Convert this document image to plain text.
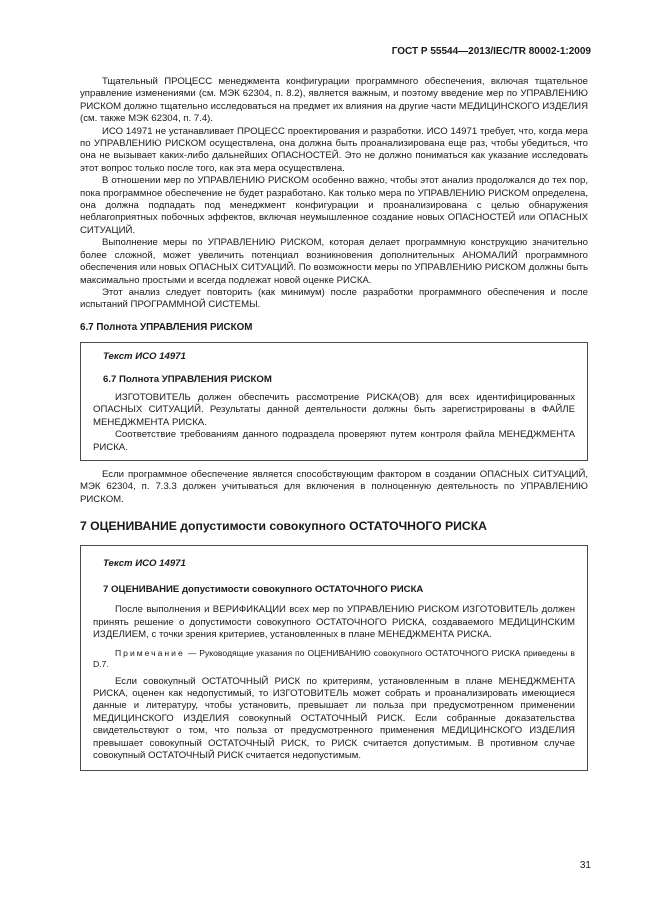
ГОСТ Р 55544—2013/IEC/TR 80002-1:2009

Тщательный ПРОЦЕСС менеджмента конфигурации программного обеспечения, включая тщательное управление изменениями (см. МЭК 62304, п. 8.2), является важным, и поэтому введение мер по УПРАВЛЕНИЮ РИСКОМ должно тщательно исследоваться на предмет их влияния на другие части МЕДИЦИНСКОГО ИЗДЕЛИЯ (см. также МЭК 62304, п. 7.4).

ИСО 14971 не устанавливает ПРОЦЕСС проектирования и разработки. ИСО 14971 требует, что, когда мера по УПРАВЛЕНИЮ РИСКОМ осуществлена, она должна быть проанализирована еще раз, чтобы убедиться, что она не вызывает каких-либо дальнейших ОПАСНОСТЕЙ. Это не должно пониматься как указание исследовать этот вопрос только после того, как эта мера осуществлена.

В отношении мер по УПРАВЛЕНИЮ РИСКОМ особенно важно, чтобы этот анализ продолжался до тех пор, пока программное обеспечение не будет разработано. Как только мера по УПРАВЛЕНИЮ РИСКОМ определена, она должна подпадать под менеджмент конфигурации и проанализирована с целью обнаружения неблагоприятных побочных эффектов, включая неумышленное создание новых ОПАСНОСТЕЙ или ОПАСНЫХ СИТУАЦИЙ.

Выполнение меры по УПРАВЛЕНИЮ РИСКОМ, которая делает программную конструкцию значительно более сложной, может увеличить потенциал возникновения дополнительных АНОМАЛИЙ программного обеспечения или новых ОПАСНЫХ СИТУАЦИЙ. По возможности меры по УПРАВЛЕНИЮ РИСКОМ должны быть максимально простыми и всегда подлежат новой оценке РИСКА.

Этот анализ следует повторить (как минимум) после разработки программного обеспечения и после испытаний ПРОГРАММНОЙ СИСТЕМЫ.

6.7 Полнота УПРАВЛЕНИЯ РИСКОМ

Текст ИСО 14971

6.7 Полнота УПРАВЛЕНИЯ РИСКОМ

ИЗГОТОВИТЕЛЬ должен обеспечить рассмотрение РИСКА(ОВ) для всех идентифицированных ОПАСНЫХ СИТУАЦИЙ. Результаты данной деятельности должны быть зарегистрированы в ФАЙЛЕ МЕНЕДЖМЕНТА РИСКА.

Соответствие требованиям данного подраздела проверяют путем контроля файла МЕНЕДЖМЕНТА РИСКА.

Если программное обеспечение является способствующим фактором в создании ОПАСНЫХ СИТУАЦИЙ, МЭК 62304, п. 7.3.3 должен учитываться для включения в полноценную деятельность по УПРАВЛЕНИЮ РИСКОМ.

7 ОЦЕНИВАНИЕ допустимости совокупного ОСТАТОЧНОГО РИСКА

Текст ИСО 14971

7 ОЦЕНИВАНИЕ допустимости совокупного ОСТАТОЧНОГО РИСКА

После выполнения и ВЕРИФИКАЦИИ всех мер по УПРАВЛЕНИЮ РИСКОМ ИЗГОТОВИТЕЛЬ должен принять решение о допустимости совокупного ОСТАТОЧНОГО РИСКА, создаваемого МЕДИЦИНСКИМ ИЗДЕЛИЕМ, с точки зрения критериев, установленных в плане МЕНЕДЖМЕНТА РИСКА.

Примечание — Руководящие указания по ОЦЕНИВАНИЮ совокупного ОСТАТОЧНОГО РИСКА приведены в D.7.

Если совокупный ОСТАТОЧНЫЙ РИСК по критериям, установленным в плане МЕНЕДЖМЕНТА РИСКА, оценен как недопустимый, то ИЗГОТОВИТЕЛЬ может собрать и проанализировать имеющиеся данные и литературу, чтобы установить, превышает ли польза при предусмотренном применении МЕДИЦИНСКОГО ИЗДЕЛИЯ совокупный ОСТАТОЧНЫЙ РИСК. Если собранные доказательства свидетельствуют о том, что польза от предусмотренного применения МЕДИЦИНСКОГО ИЗДЕЛИЯ превышает совокупный ОСТАТОЧНЫЙ РИСК, то РИСК считается допустимым. В противном случае совокупный ОСТАТОЧНЫЙ РИСК считается недопустимым.

31
